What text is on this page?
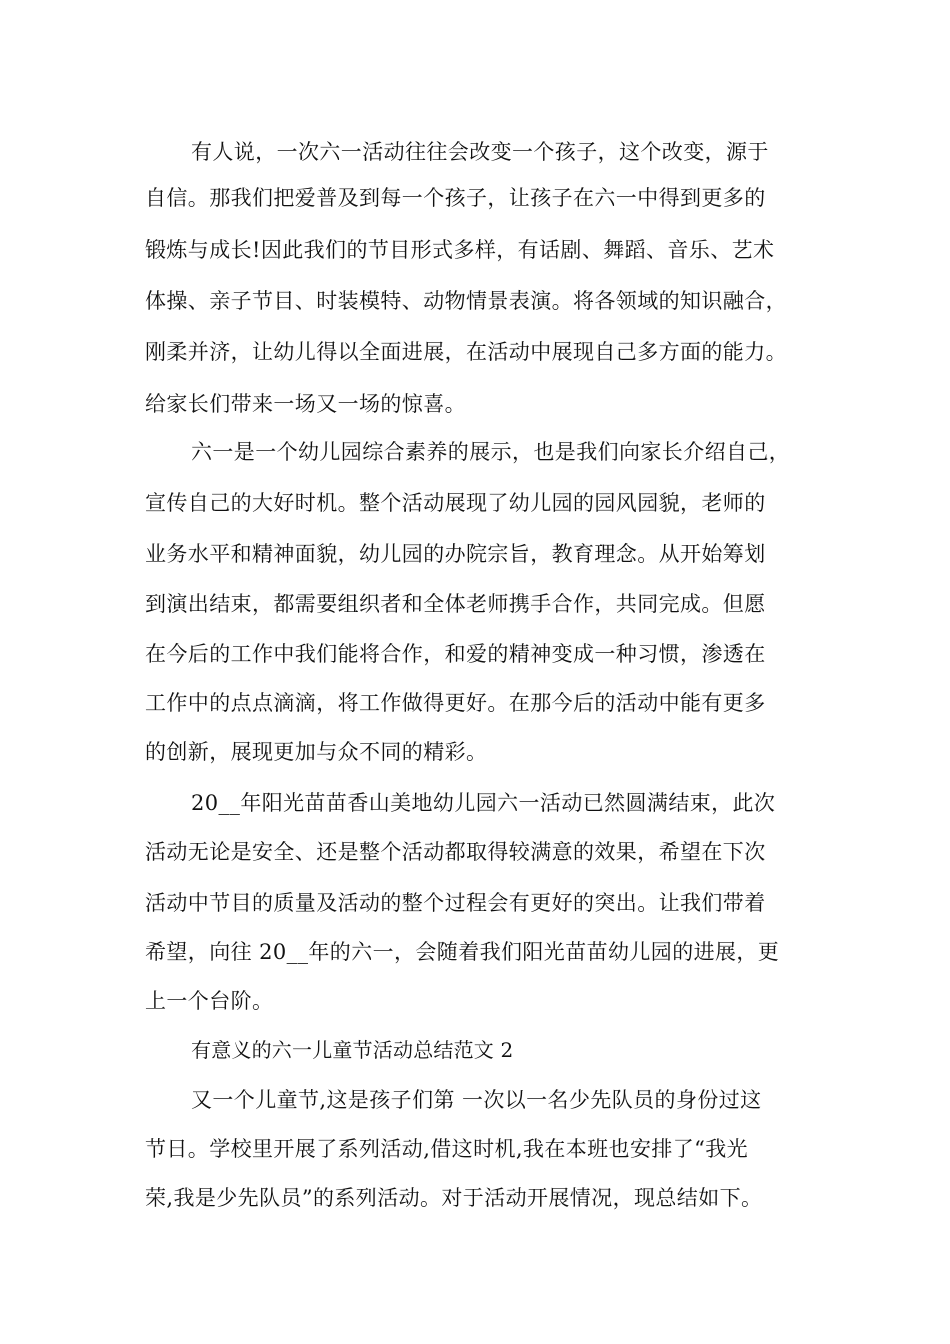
有人说，一次六一活动往往会改变一个孩子，这个改变，源于
自信。那我们把爱普及到每一个孩子，让孩子在六一中得到更多的
锻炼与成长!因此我们的节目形式多样，有话剧、舞蹈、音乐、艺术
体操、亲子节目、时装模特、动物情景表演。将各领域的知识融合，
刚柔并济，让幼儿得以全面进展，在活动中展现自己多方面的能力。
给家长们带来一场又一场的惊喜。
六一是一个幼儿园综合素养的展示，也是我们向家长介绍自己，
宣传自己的大好时机。整个活动展现了幼儿园的园风园貌，老师的
业务水平和精神面貌，幼儿园的办院宗旨，教育理念。从开始筹划
到演出结束，都需要组织者和全体老师携手合作，共同完成。但愿
在今后的工作中我们能将合作，和爱的精神变成一种习惯，渗透在
工作中的点点滴滴，将工作做得更好。在那今后的活动中能有更多
的创新，展现更加与众不同的精彩。
20__年阳光苗苗香山美地幼儿园六一活动已然圆满结束，此次
活动无论是安全、还是整个活动都取得较满意的效果，希望在下次
活动中节目的质量及活动的整个过程会有更好的突出。让我们带着
希望，向往 20__年的六一，会随着我们阳光苗苗幼儿园的进展，更
上一个台阶。
有意义的六一儿童节活动总结范文 2
又一个儿童节,这是孩子们第 一次以一名少先队员的身份过这
节日。学校里开展了系列活动,借这时机,我在本班也安排了“我光
荣,我是少先队员”的系列活动。对于活动开展情况，现总结如下。
